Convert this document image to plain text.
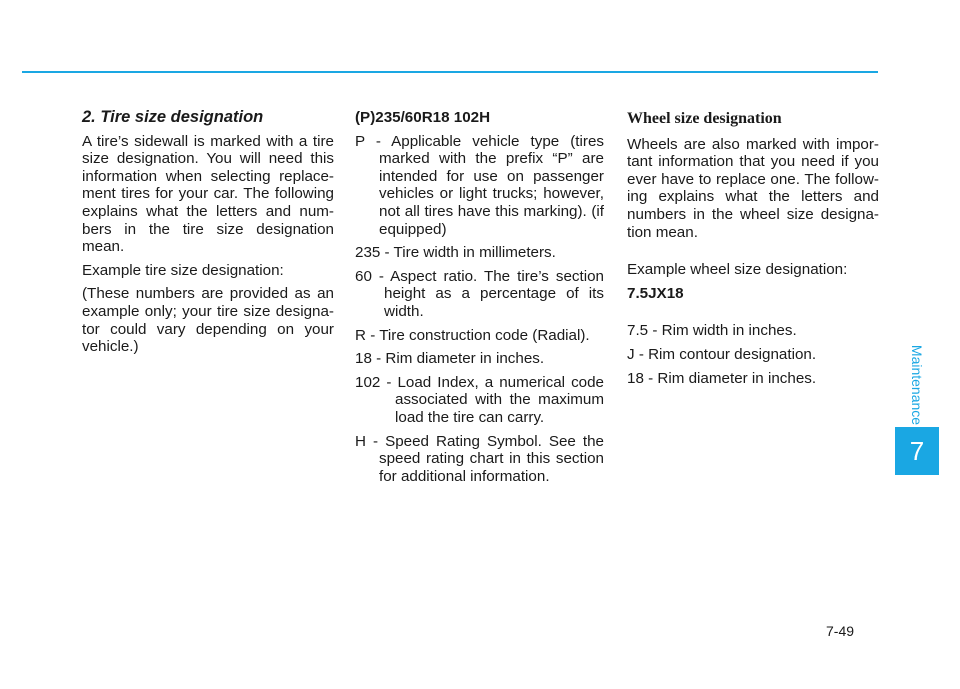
2. Tire size designation

A tire’s sidewall is marked with a tire size designation. You will need this information when selecting replace- ment tires for your car. The following explains what the letters and num- bers in the tire size designation mean.

Example tire size designation:

(These numbers are provided as an example only; your tire size designa- tor could vary depending on your vehicle.)

(P)235/60R18 102H

P - Applicable vehicle type (tires marked with the prefix “P” are intended for use on passenger vehicles or light trucks; however, not all tires have this marking). (if equipped)
235 - Tire width in millimeters.
60 - Aspect ratio. The tire’s section height as a percentage of its width.
R - Tire construction code (Radial).
18 - Rim diameter in inches.
102 - Load Index, a numerical code associated with the maximum load the tire can carry.
H - Speed Rating Symbol. See the speed rating chart in this section for additional information.
Wheel size designation

Wheels are also marked with impor- tant information that you need if you ever have to replace one. The follow- ing explains what the letters and numbers in the wheel size designa- tion mean.

Example wheel size designation:

7.5JX18

7.5 - Rim width in inches.

J - Rim contour designation.

18 - Rim diameter in inches.	Maintenance
7
7-49
